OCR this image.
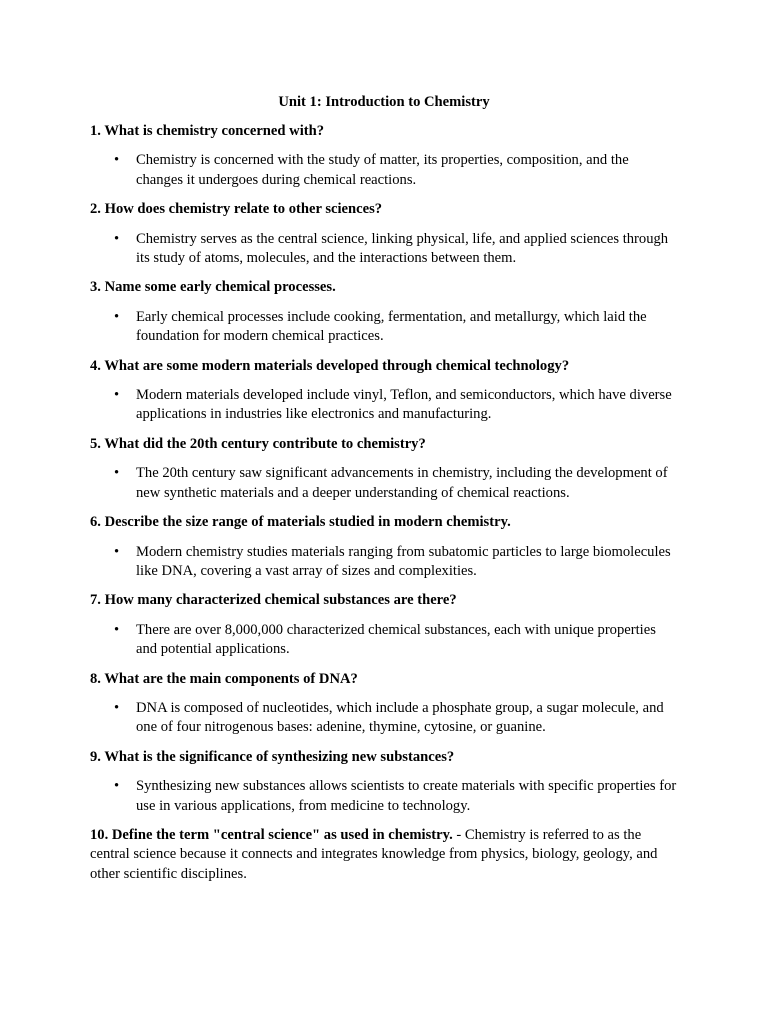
Unit 1: Introduction to Chemistry
1. What is chemistry concerned with?
• Chemistry is concerned with the study of matter, its properties, composition, and the changes it undergoes during chemical reactions.
2. How does chemistry relate to other sciences?
• Chemistry serves as the central science, linking physical, life, and applied sciences through its study of atoms, molecules, and the interactions between them.
3. Name some early chemical processes.
• Early chemical processes include cooking, fermentation, and metallurgy, which laid the foundation for modern chemical practices.
4. What are some modern materials developed through chemical technology?
• Modern materials developed include vinyl, Teflon, and semiconductors, which have diverse applications in industries like electronics and manufacturing.
5. What did the 20th century contribute to chemistry?
• The 20th century saw significant advancements in chemistry, including the development of new synthetic materials and a deeper understanding of chemical reactions.
6. Describe the size range of materials studied in modern chemistry.
• Modern chemistry studies materials ranging from subatomic particles to large biomolecules like DNA, covering a vast array of sizes and complexities.
7. How many characterized chemical substances are there?
• There are over 8,000,000 characterized chemical substances, each with unique properties and potential applications.
8. What are the main components of DNA?
• DNA is composed of nucleotides, which include a phosphate group, a sugar molecule, and one of four nitrogenous bases: adenine, thymine, cytosine, or guanine.
9. What is the significance of synthesizing new substances?
• Synthesizing new substances allows scientists to create materials with specific properties for use in various applications, from medicine to technology.

10. Define the term "central science" as used in chemistry. - Chemistry is referred to as the central science because it connects and integrates knowledge from physics, biology, geology, and other scientific disciplines.
